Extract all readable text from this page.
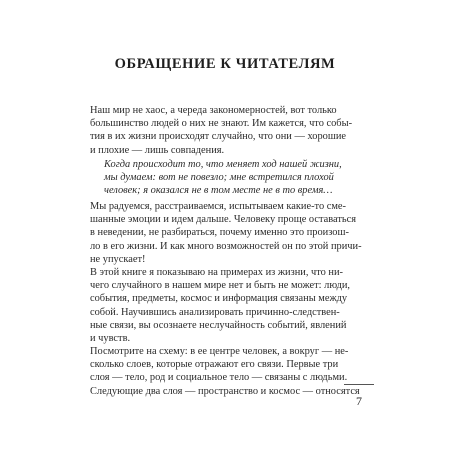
ОБРАЩЕНИЕ К ЧИТАТЕЛЯМ
Наш мир не хаос, а череда закономерностей, вот только
большинство людей о них не знают. Им кажется, что собы-
тия в их жизни происходят случайно, что они — хорошие
и плохие — лишь совпадения.
Когда происходит то, что меняет ход нашей жизни,
мы думаем: вот не повезло; мне встретился плохой
человек; я оказался не в том месте не в то время…
Мы радуемся, расстраиваемся, испытываем какие-то сме-
шанные эмоции и идем дальше. Человеку проще оставаться
в неведении, не разбираться, почему именно это произош-
ло в его жизни. И как много возможностей он по этой причи-
не упускает!
В этой книге я показываю на примерах из жизни, что ни-
чего случайного в нашем мире нет и быть не может: люди,
события, предметы, космос и информация связаны между
собой. Научившись анализировать причинно-следствен-
ные связи, вы осознаете неслучайность событий, явлений
и чувств.
Посмотрите на схему: в ее центре человек, а вокруг — не-
сколько слоев, которые отражают его связи. Первые три
слоя — тело, род и социальное тело — связаны с людьми.
Следующие два слоя — пространство и космос — относятся
7
